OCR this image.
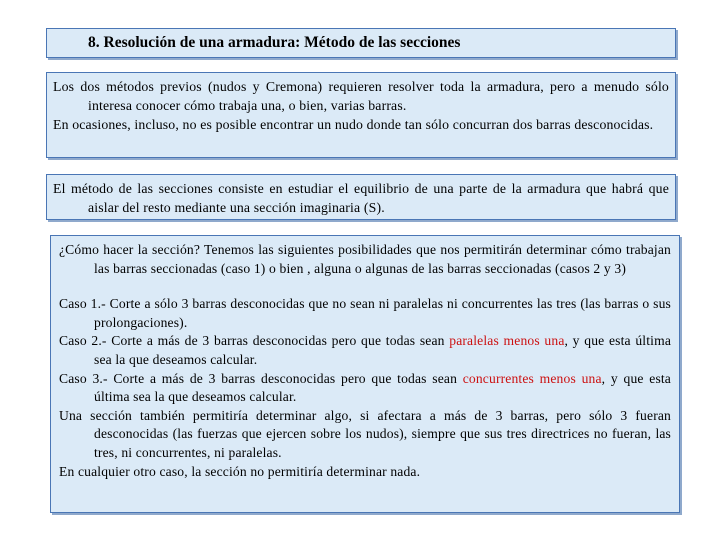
8. Resolución de una armadura: Método de las secciones

Los dos métodos previos (nudos y Cremona) requieren resolver toda la armadura, pero a menudo sólo interesa conocer cómo trabaja una, o bien, varias barras.

En ocasiones, incluso, no es posible encontrar un nudo donde tan sólo concurran dos barras desconocidas.

El método de las secciones consiste en estudiar el equilibrio de una parte de la armadura que habrá que aislar del resto mediante una sección imaginaria (S).

¿Cómo hacer la sección? Tenemos las siguientes posibilidades que nos permitirán determinar cómo trabajan las barras seccionadas (caso 1) o bien , alguna o algunas de las barras seccionadas (casos 2 y 3)

Caso 1.- Corte a sólo 3 barras desconocidas que no sean ni paralelas ni concurrentes las tres (las barras o sus prolongaciones).

Caso 2.- Corte a más de 3 barras desconocidas pero que todas sean paralelas menos una, y que esta última sea la que deseamos calcular.

Caso 3.- Corte a más de 3 barras desconocidas pero que todas sean concurrentes menos una, y que esta última sea la que deseamos calcular.

Una sección también permitiría determinar algo, si afectara a más de 3 barras, pero sólo 3 fueran desconocidas (las fuerzas que ejercen sobre los nudos), siempre que sus tres directrices no fueran, las tres, ni concurrentes, ni paralelas.

En cualquier otro caso, la sección no permitiría determinar nada.
